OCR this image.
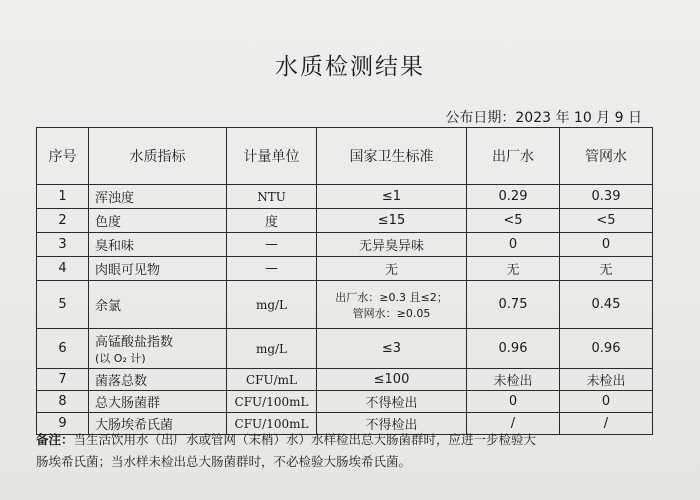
水质检测结果
公布日期：2023 年 10 月 9 日
序号	水质指标	计量单位	国家卫生标准	出厂水	管网水
1	浑浊度	NTU	≤1	0.29	0.39
2	色度	度	≤15	<5	<5
3	臭和味	—	无异臭异味	0	0
4	肉眼可见物	—	无	无	无
5	余氯	mg/L	出厂水：≥0.3 且≤2；
管网水：≥0.05	0.75	0.45
6	高锰酸盐指数
(以 O₂ 计)	mg/L	≤3	0.96	0.96
7	菌落总数	CFU/mL	≤100	未检出	未检出
8	总大肠菌群	CFU/100mL	不得检出	0	0
9	大肠埃希氏菌	CFU/100mL	不得检出	/	/
备注：当生活饮用水（出厂水或管网（末梢）水）水样检出总大肠菌群时，应进一步检验大
肠埃希氏菌；当水样未检出总大肠菌群时，不必检验大肠埃希氏菌。
